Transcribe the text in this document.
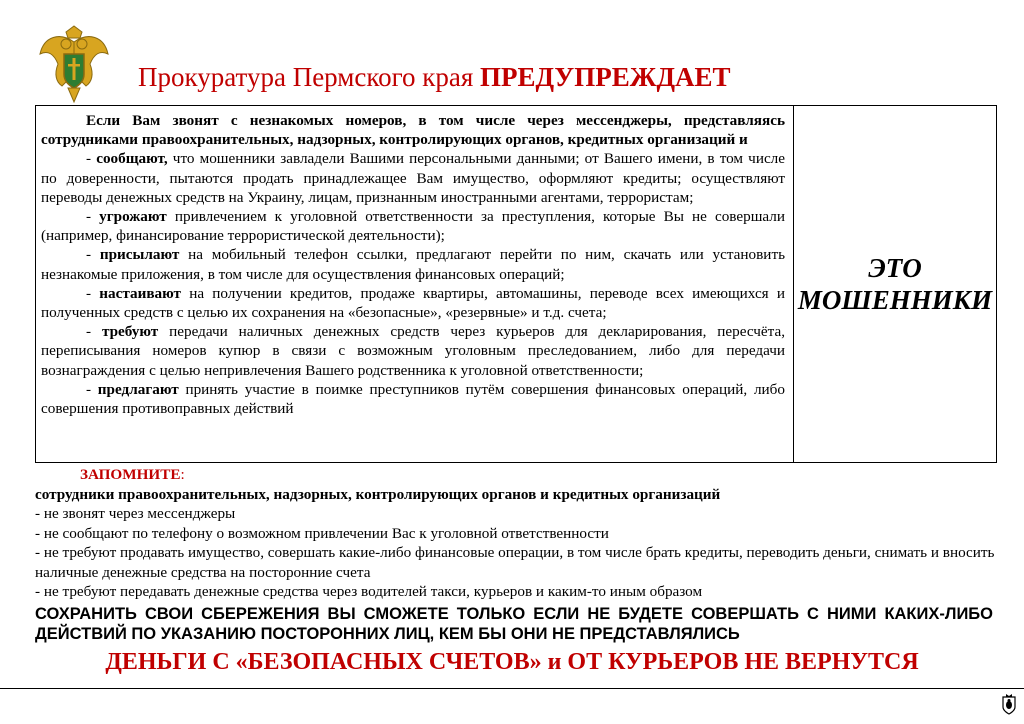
Прокуратура Пермского края ПРЕДУПРЕЖДАЕТ

Если Вам звонят с незнакомых номеров, в том числе через мессенджеры, представляясь сотрудниками правоохранительных, надзорных, контролирующих органов, кредитных организаций и

- сообщают, что мошенники завладели Вашими персональными данными; от Вашего имени, в том числе по доверенности, пытаются продать принадлежащее Вам имущество, оформляют кредиты; осуществляют переводы денежных средств на Украину, лицам, признанным иностранными агентами, террористам;

- угрожают привлечением к уголовной ответственности за преступления, которые Вы не совершали (например, финансирование террористической деятельности);

- присылают на мобильный телефон ссылки, предлагают перейти по ним, скачать или установить незнакомые приложения, в том числе для осуществления финансовых операций;

- настаивают на получении кредитов, продаже квартиры, автомашины, переводе всех имеющихся и полученных средств с целью их сохранения на «безопасные», «резервные» и т.д. счета;

- требуют передачи наличных денежных средств через курьеров для декларирования, пересчёта, переписывания номеров купюр в связи с возможным уголовным преследованием, либо для передачи вознаграждения с целью непривлечения Вашего родственника к уголовной ответственности;

- предлагают принять участие в поимке преступников путём совершения финансовых операций, либо совершения противоправных действий

ЭТО
МОШЕННИКИ
ЗАПОМНИТЕ:
сотрудники правоохранительных, надзорных, контролирующих органов и кредитных организаций
- не звонят через мессенджеры
- не сообщают по телефону о возможном привлечении Вас к уголовной ответственности
- не требуют продавать имущество, совершать какие-либо финансовые операции, в том числе брать кредиты, переводить деньги, снимать и вносить наличные денежные средства на посторонние счета
- не требуют передавать денежные средства через водителей такси, курьеров и каким-то иным образом
СОХРАНИТЬ СВОИ СБЕРЕЖЕНИЯ ВЫ СМОЖЕТЕ ТОЛЬКО ЕСЛИ НЕ БУДЕТЕ СОВЕРШАТЬ С НИМИ КАКИХ-ЛИБО ДЕЙСТВИЙ ПО УКАЗАНИЮ ПОСТОРОННИХ ЛИЦ, КЕМ БЫ ОНИ НЕ ПРЕДСТАВЛЯЛИСЬ
ДЕНЬГИ С «БЕЗОПАСНЫХ СЧЕТОВ» и ОТ КУРЬЕРОВ НЕ ВЕРНУТСЯ
